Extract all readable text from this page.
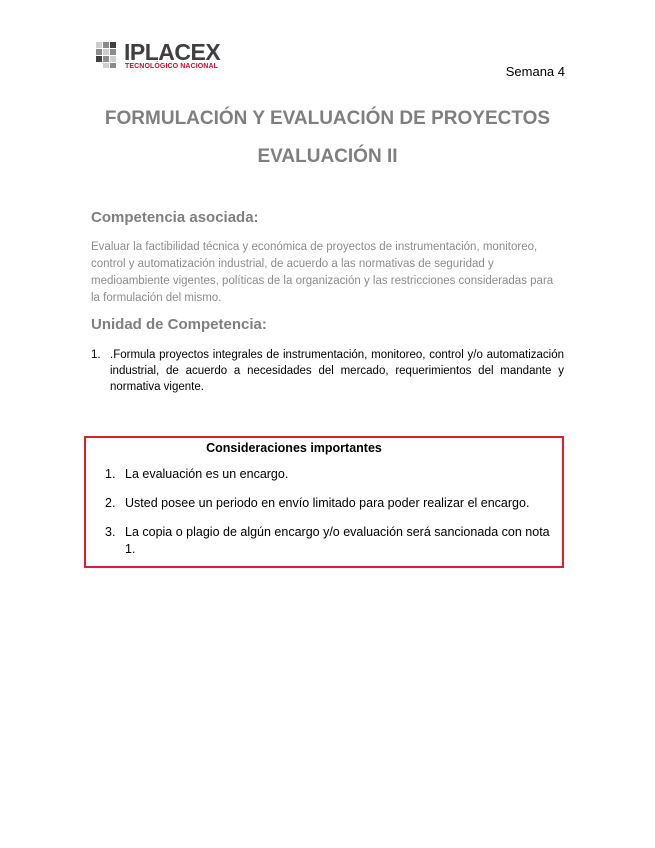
IPLACEX
TECNOLÓGICO NACIONAL	Semana 4
FORMULACIÓN Y EVALUACIÓN DE PROYECTOS
EVALUACIÓN II
Competencia asociada:

Evaluar la factibilidad técnica y económica de proyectos de instrumentación, monitoreo, control y automatización industrial, de acuerdo a las normativas de seguridad y medioambiente vigentes, políticas de la organización y las restricciones consideradas para la formulación del mismo.

Unidad de Competencia:
1. .Formula proyectos integrales de instrumentación, monitoreo, control y/o automatización industrial, de acuerdo a necesidades del mercado, requerimientos del mandante y normativa vigente.
Consideraciones importantes
1. La evaluación es un encargo.
2. Usted posee un periodo en envío limitado para poder realizar el encargo.
3. La copia o plagio de algún encargo y/o evaluación será sancionada con nota 1.
